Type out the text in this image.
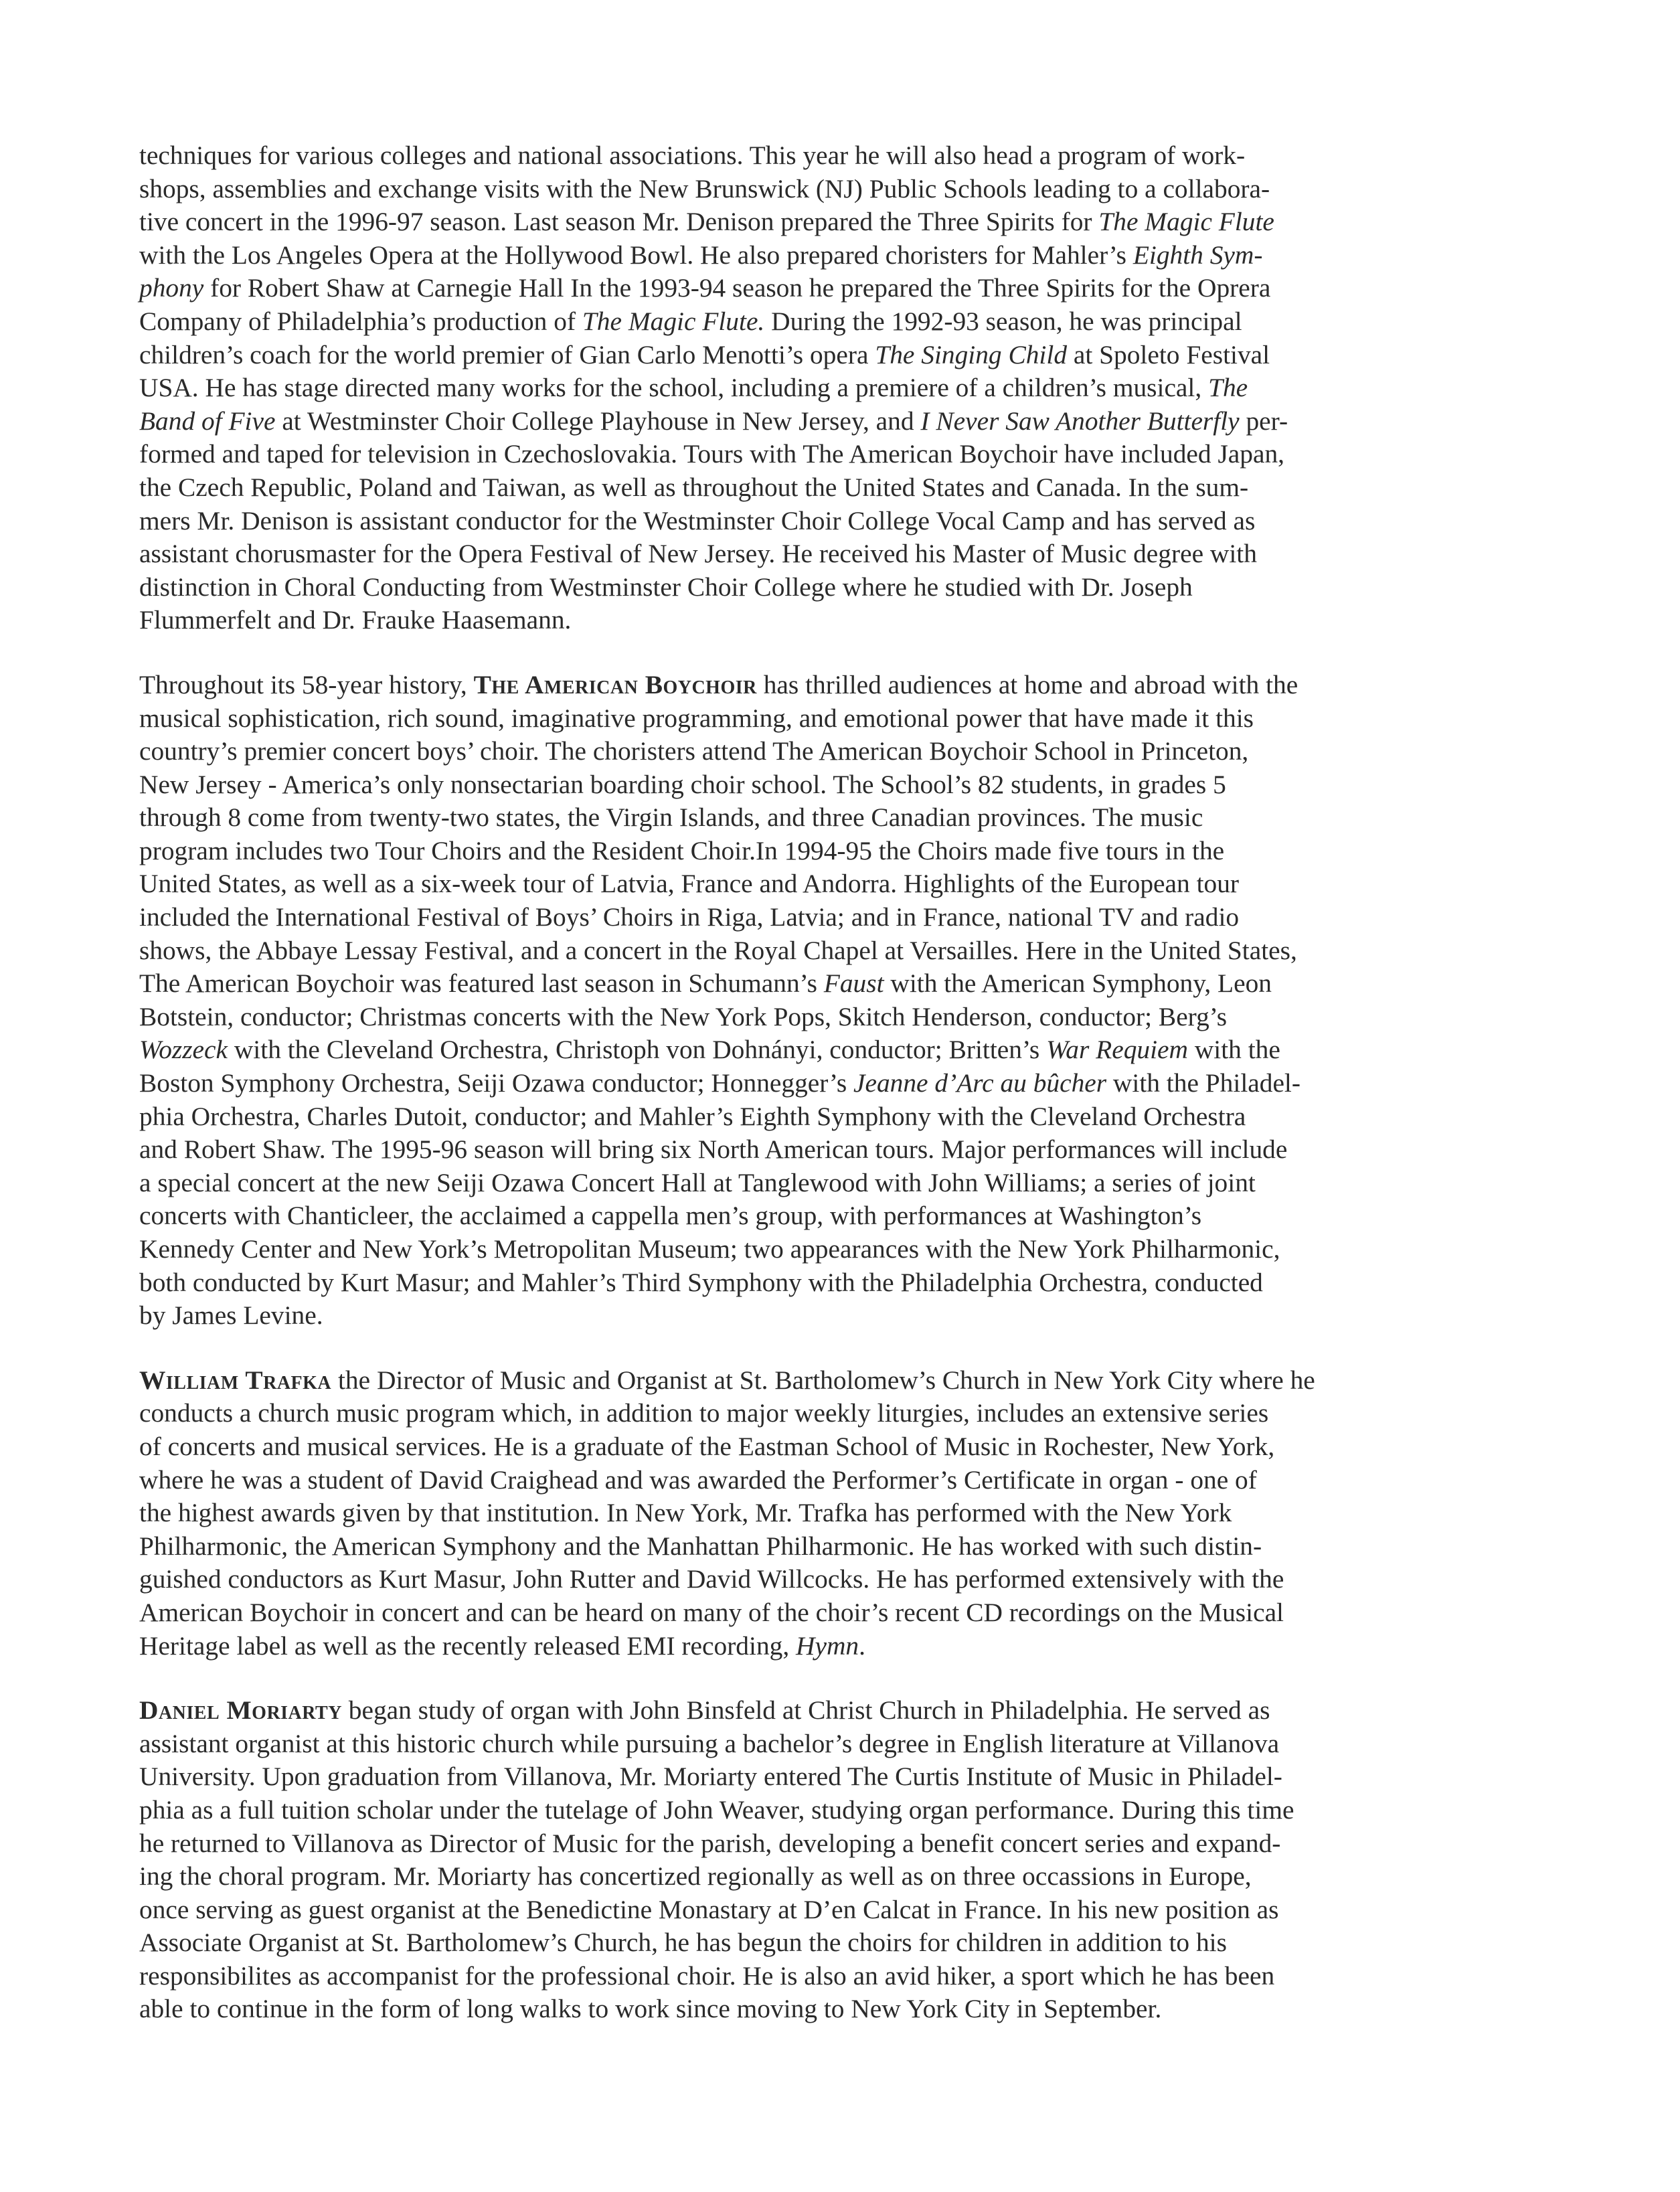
techniques for various colleges and national associations. This year he will also head a program of work-
shops, assemblies and exchange visits with the New Brunswick (NJ) Public Schools leading to a collabora-
tive concert in the 1996-97 season. Last season Mr. Denison prepared the Three Spirits for The Magic Flute
with the Los Angeles Opera at the Hollywood Bowl. He also prepared choristers for Mahler’s Eighth Sym-
phony for Robert Shaw at Carnegie Hall In the 1993-94 season he prepared the Three Spirits for the Oprera
Company of Philadelphia’s production of The Magic Flute. During the 1992-93 season, he was principal
children’s coach for the world premier of Gian Carlo Menotti’s opera The Singing Child at Spoleto Festival
USA. He has stage directed many works for the school, including a premiere of a children’s musical, The
Band of Five at Westminster Choir College Playhouse in New Jersey, and I Never Saw Another Butterfly per-
formed and taped for television in Czechoslovakia. Tours with The American Boychoir have included Japan,
the Czech Republic, Poland and Taiwan, as well as throughout the United States and Canada. In the sum-
mers Mr. Denison is assistant conductor for the Westminster Choir College Vocal Camp and has served as
assistant chorusmaster for the Opera Festival of New Jersey. He received his Master of Music degree with
distinction in Choral Conducting from Westminster Choir College where he studied with Dr. Joseph
Flummerfelt and Dr. Frauke Haasemann.
Throughout its 58-year history, The American Boychoir has thrilled audiences at home and abroad with the
musical sophistication, rich sound, imaginative programming, and emotional power that have made it this
country’s premier concert boys’ choir. The choristers attend The American Boychoir School in Princeton,
New Jersey - America’s only nonsectarian boarding choir school. The School’s 82 students, in grades 5
through 8 come from twenty-two states, the Virgin Islands, and three Canadian provinces. The music
program includes two Tour Choirs and the Resident Choir.In 1994-95 the Choirs made five tours in the
United States, as well as a six-week tour of Latvia, France and Andorra. Highlights of the European tour
included the International Festival of Boys’ Choirs in Riga, Latvia; and in France, national TV and radio
shows, the Abbaye Lessay Festival, and a concert in the Royal Chapel at Versailles. Here in the United States,
The American Boychoir was featured last season in Schumann’s Faust with the American Symphony, Leon
Botstein, conductor; Christmas concerts with the New York Pops, Skitch Henderson, conductor; Berg’s
Wozzeck with the Cleveland Orchestra, Christoph von Dohnányi, conductor; Britten’s War Requiem with the
Boston Symphony Orchestra, Seiji Ozawa conductor; Honnegger’s Jeanne d’Arc au bûcher with the Philadel-
phia Orchestra, Charles Dutoit, conductor; and Mahler’s Eighth Symphony with the Cleveland Orchestra
and Robert Shaw. The 1995-96 season will bring six North American tours. Major performances will include
a special concert at the new Seiji Ozawa Concert Hall at Tanglewood with John Williams; a series of joint
concerts with Chanticleer, the acclaimed a cappella men’s group, with performances at Washington’s
Kennedy Center and New York’s Metropolitan Museum; two appearances with the New York Philharmonic,
both conducted by Kurt Masur; and Mahler’s Third Symphony with the Philadelphia Orchestra, conducted
by James Levine.
William Trafka the Director of Music and Organist at St. Bartholomew’s Church in New York City where he
conducts a church music program which, in addition to major weekly liturgies, includes an extensive series
of concerts and musical services. He is a graduate of the Eastman School of Music in Rochester, New York,
where he was a student of David Craighead and was awarded the Performer’s Certificate in organ - one of
the highest awards given by that institution. In New York, Mr. Trafka has performed with the New York
Philharmonic, the American Symphony and the Manhattan Philharmonic. He has worked with such distin-
guished conductors as Kurt Masur, John Rutter and David Willcocks. He has performed extensively with the
American Boychoir in concert and can be heard on many of the choir’s recent CD recordings on the Musical
Heritage label as well as the recently released EMI recording, Hymn.
Daniel Moriarty began study of organ with John Binsfeld at Christ Church in Philadelphia. He served as
assistant organist at this historic church while pursuing a bachelor’s degree in English literature at Villanova
University. Upon graduation from Villanova, Mr. Moriarty entered The Curtis Institute of Music in Philadel-
phia as a full tuition scholar under the tutelage of John Weaver, studying organ performance. During this time
he returned to Villanova as Director of Music for the parish, developing a benefit concert series and expand-
ing the choral program. Mr. Moriarty has concertized regionally as well as on three occassions in Europe,
once serving as guest organist at the Benedictine Monastary at D’en Calcat in France. In his new position as
Associate Organist at St. Bartholomew’s Church, he has begun the choirs for children in addition to his
responsibilites as accompanist for the professional choir. He is also an avid hiker, a sport which he has been
able to continue in the form of long walks to work since moving to New York City in September.
